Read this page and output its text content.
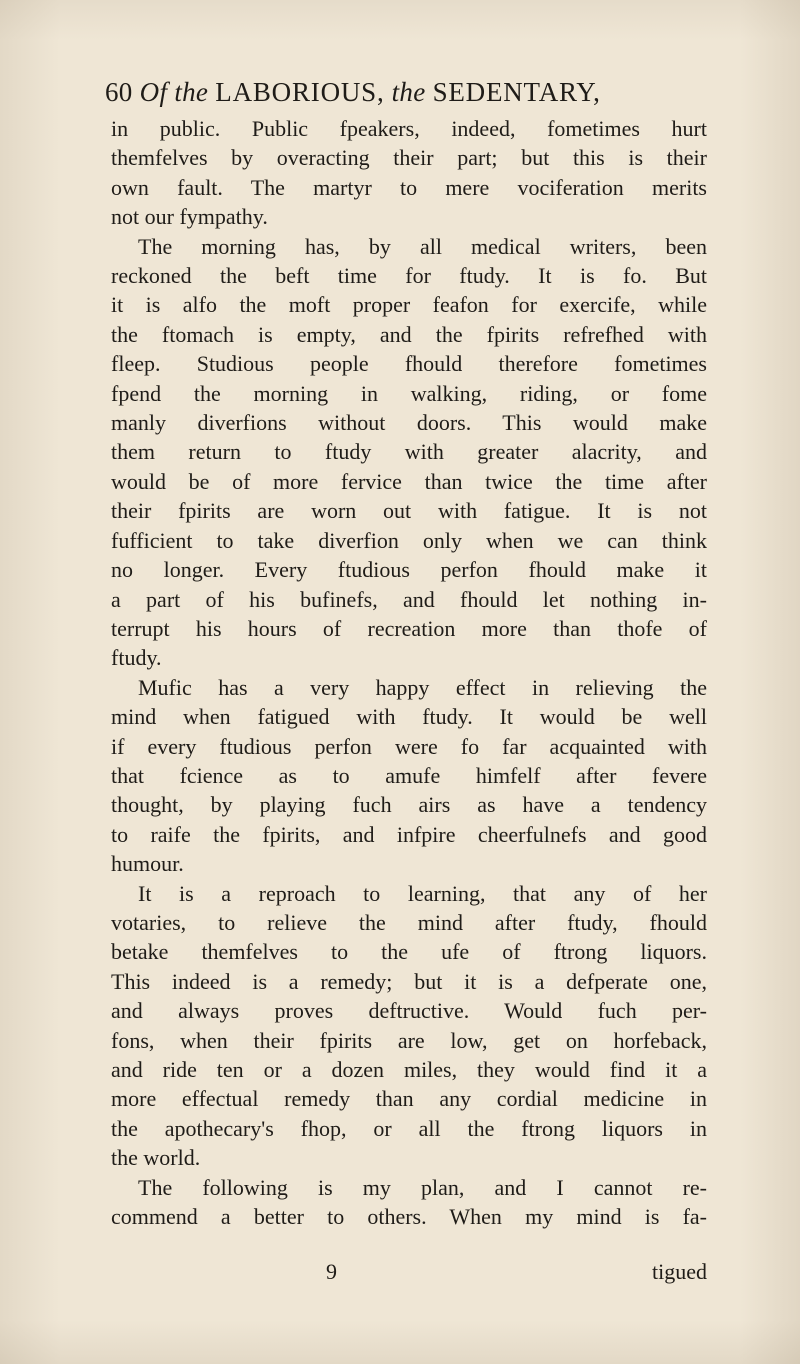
60 Of the LABORIOUS, the SEDENTARY,
in public. Public fpeakers, indeed, fometimes hurt
themfelves by overacting their part; but this is their
own fault. The martyr to mere vociferation merits
not our fympathy.
The morning has, by all medical writers, been
reckoned the beft time for ftudy. It is fo. But
it is alfo the moft proper feafon for exercife, while
the ftomach is empty, and the fpirits refrefhed with
fleep. Studious people fhould therefore fometimes
fpend the morning in walking, riding, or fome
manly diverfions without doors. This would make
them return to ftudy with greater alacrity, and
would be of more fervice than twice the time after
their fpirits are worn out with fatigue. It is not
fufficient to take diverfion only when we can think
no longer. Every ftudious perfon fhould make it
a part of his bufinefs, and fhould let nothing in-
terrupt his hours of recreation more than thofe of
ftudy.
Mufic has a very happy effect in relieving the
mind when fatigued with ftudy. It would be well
if every ftudious perfon were fo far acquainted with
that fcience as to amufe himfelf after fevere
thought, by playing fuch airs as have a tendency
to raife the fpirits, and infpire cheerfulnefs and good
humour.
It is a reproach to learning, that any of her
votaries, to relieve the mind after ftudy, fhould
betake themfelves to the ufe of ftrong liquors.
This indeed is a remedy; but it is a defperate one,
and always proves deftructive. Would fuch per-
fons, when their fpirits are low, get on horfeback,
and ride ten or a dozen miles, they would find it a
more effectual remedy than any cordial medicine in
the apothecary's fhop, or all the ftrong liquors in
the world.
The following is my plan, and I cannot re-
commend a better to others. When my mind is fa-
9	tigued
